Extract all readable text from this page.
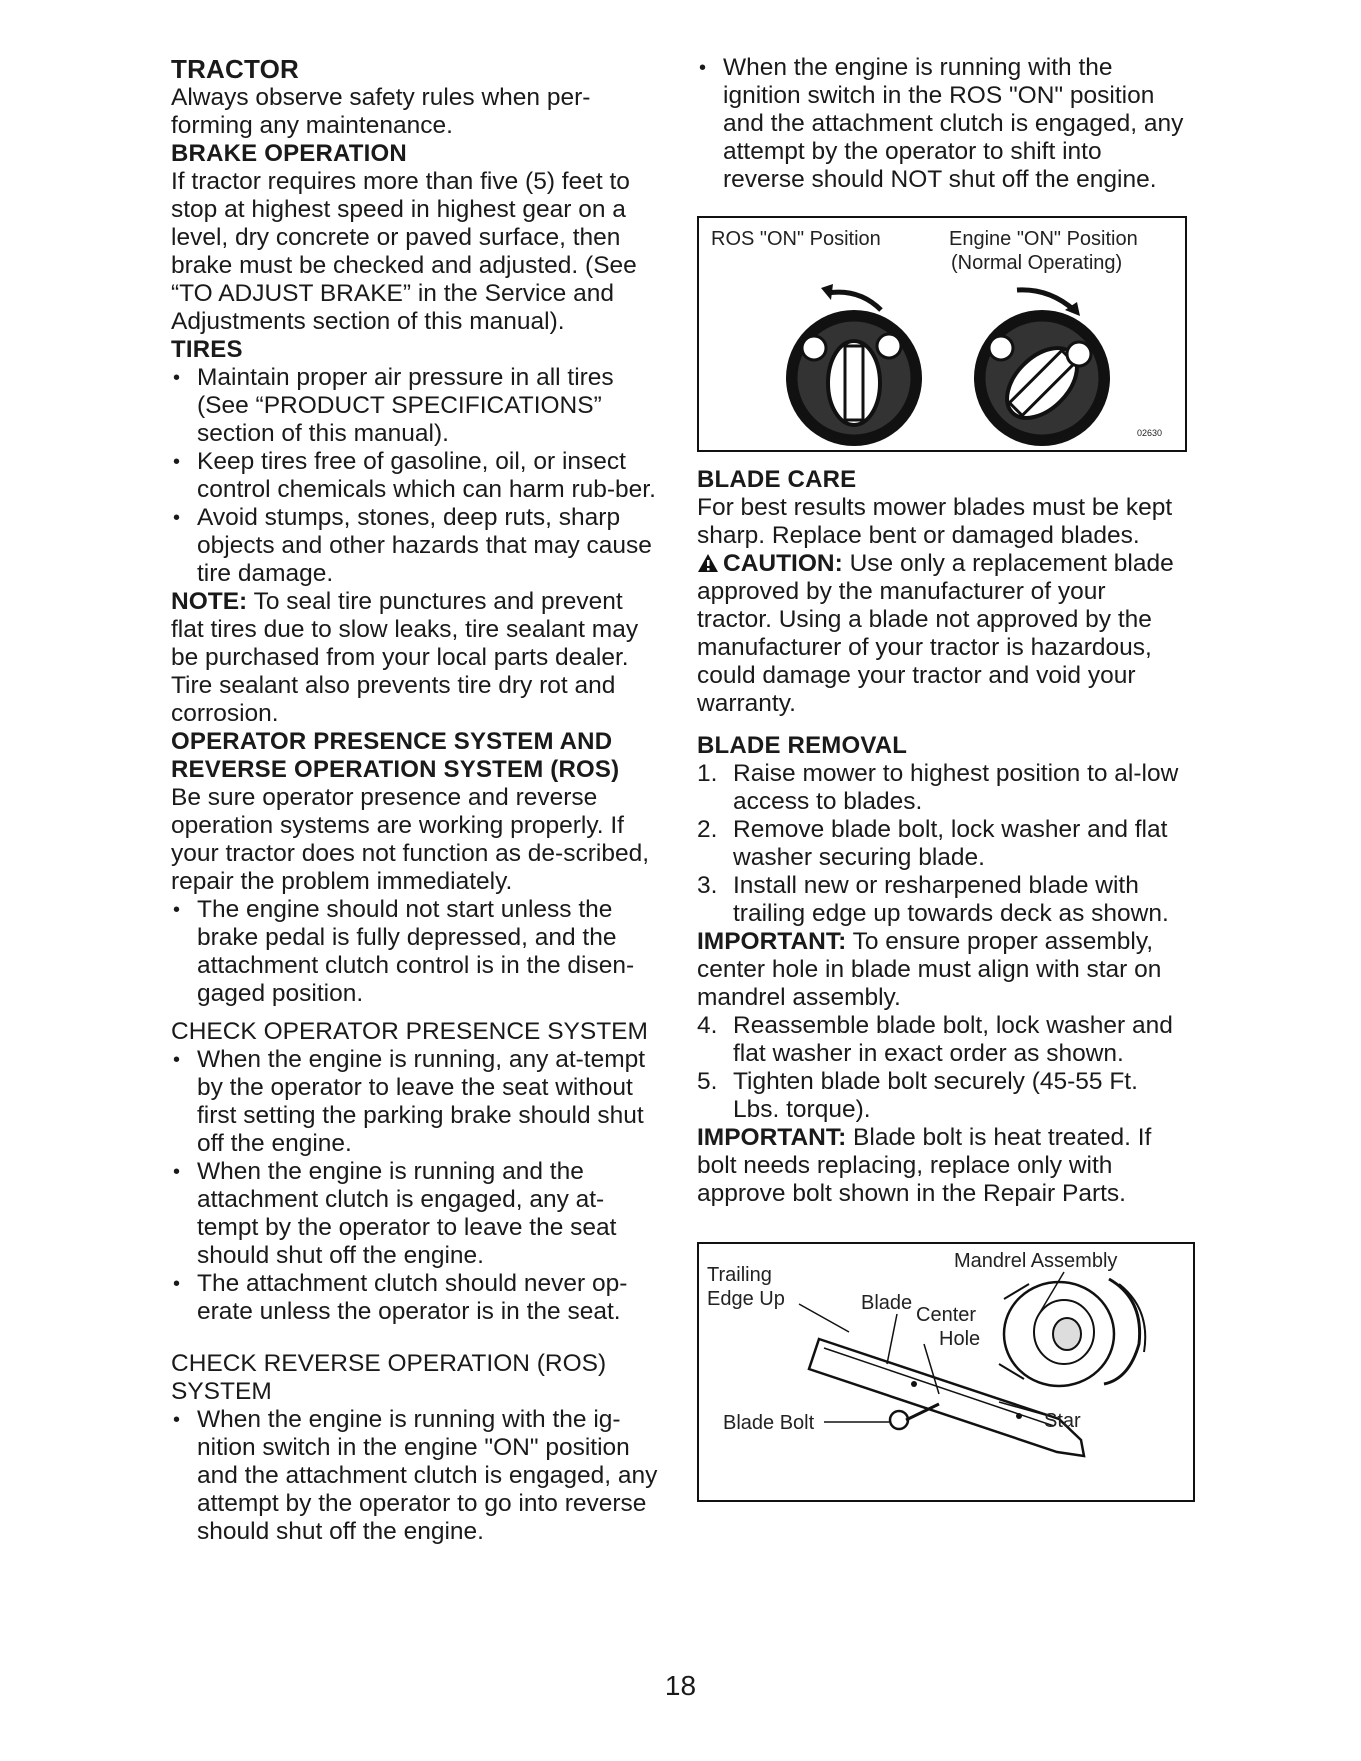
TRACTOR

Always observe safety rules when per-forming any maintenance.

BRAKE OPERATION

If tractor requires more than five (5) feet to stop at highest speed in highest gear on a level, dry concrete or paved surface, then brake must be checked and adjusted. (See “TO ADJUST BRAKE” in the Service and Adjustments section of this manual).

TIRES
• Maintain proper air pressure in all tires (See “PRODUCT SPECIFICATIONS” section of this manual).
• Keep tires free of gasoline, oil, or insect control chemicals which can harm rub-ber.
• Avoid stumps, stones, deep ruts, sharp objects and other hazards that may cause tire damage.

NOTE: To seal tire punctures and prevent flat tires due to slow leaks, tire sealant may be purchased from your local parts dealer. Tire sealant also prevents tire dry rot and corrosion.

OPERATOR PRESENCE SYSTEM AND
REVERSE OPERATION SYSTEM (ROS)

Be sure operator presence and reverse operation systems are working properly. If your tractor does not function as de-scribed, repair the problem immediately.

• The engine should not start unless the brake pedal is fully depressed, and the attachment clutch control is in the disen-gaged position.

CHECK OPERATOR PRESENCE SYSTEM

• When the engine is running, any at-tempt by the operator to leave the seat without first setting the parking brake should shut off the engine.
• When the engine is running and the attachment clutch is engaged, any at-tempt by the operator to leave the seat should shut off the engine.
• The attachment clutch should never op-erate unless the operator is in the seat.

CHECK REVERSE OPERATION (ROS) SYSTEM

• When the engine is running with the ig-nition switch in the engine "ON" position and the attachment clutch is engaged, any attempt by the operator to go into reverse should shut off the engine.
• When the engine is running with the ignition switch in the ROS "ON" position and the attachment clutch is engaged, any attempt by the operator to shift into reverse should NOT shut off the engine.
ROS "ON" Position	Engine "ON" Position
(Normal Operating)
02630
BLADE CARE

For best results mower blades must be kept sharp. Replace bent or damaged blades.

CAUTION: Use only a replacement blade approved by the manufacturer of your tractor. Using a blade not approved by the manufacturer of your tractor is hazardous, could damage your tractor and void your warranty.

BLADE REMOVAL
1. Raise mower to highest position to al-low access to blades.
2. Remove blade bolt, lock washer and flat washer securing blade.
3. Install new or resharpened blade with trailing edge up towards deck as shown.

IMPORTANT: To ensure proper assembly, center hole in blade must align with star on mandrel assembly.

4. Reassemble blade bolt, lock washer and flat washer in exact order as shown.
5. Tighten blade bolt securely (45-55 Ft. Lbs. torque).

IMPORTANT: Blade bolt is heat treated. If bolt needs replacing, replace only with approve bolt shown in the Repair Parts.

Mandrel Assembly
Trailing
Edge Up	Blade
Center
Hole
Blade Bolt	Star
18
